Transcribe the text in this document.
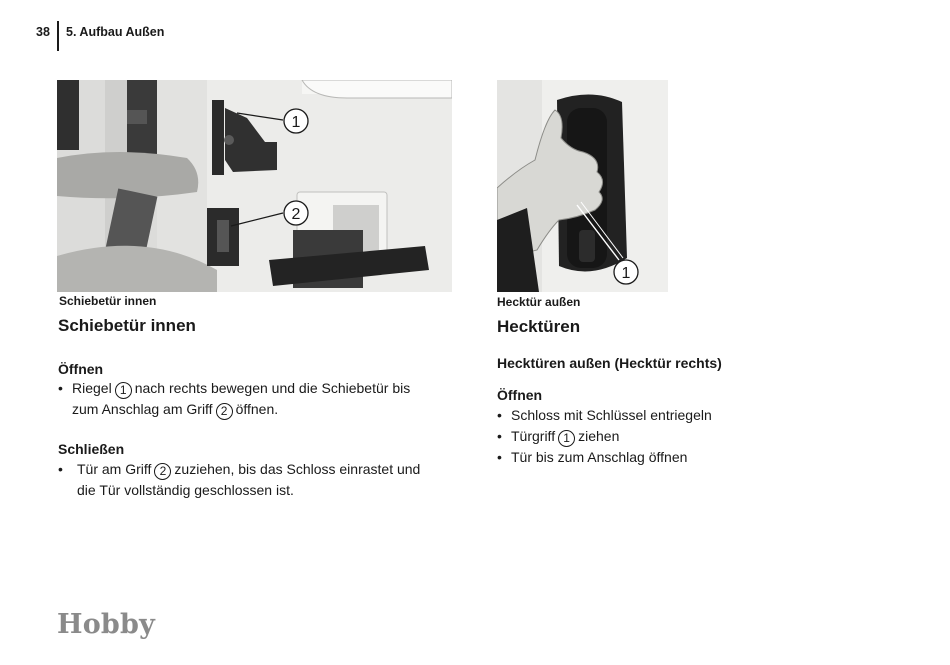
38 5. Aufbau Außen
1
2
1
Schiebetür innen
Schiebetür innen
Öffnen
• Riegel 1 nach rechts bewegen und die Schiebetür bis
zum Anschlag am Griff 2 öffnen.
Schließen
• Tür am Griff 2 zuziehen, bis das Schloss einrastet und
die Tür vollständig geschlossen ist.
Hecktür außen
Hecktüren
Hecktüren außen (Hecktür rechts)
Öffnen
• Schloss mit Schlüssel entriegeln
• Türgriff 1 ziehen
• Tür bis zum Anschlag öffnen
Hobby
